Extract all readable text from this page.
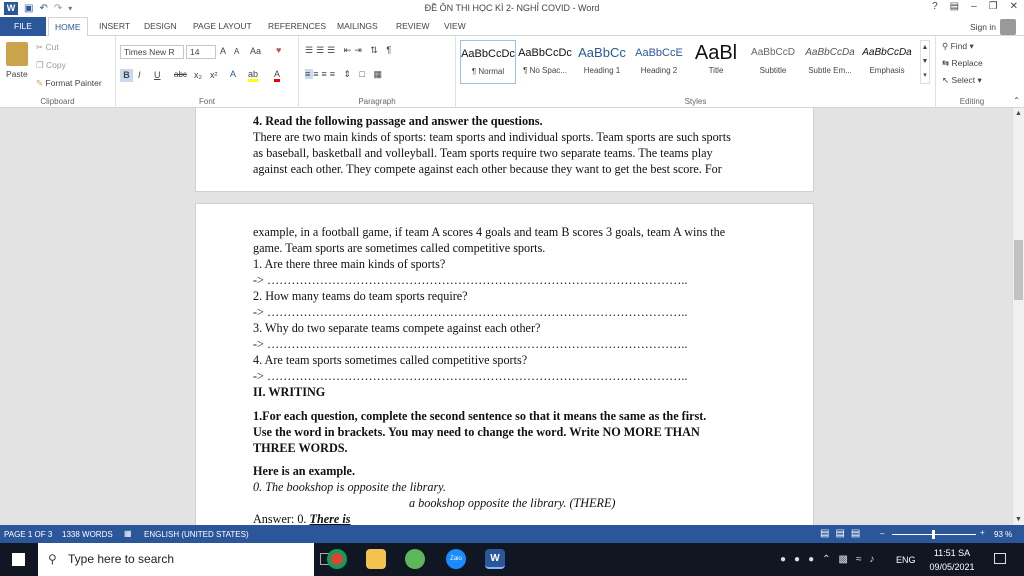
W ▣ ↶ ↷ ▾	ĐỀ ÔN THI HỌC KÌ 2- NGHỈ COVID - Word	? ▤ – ❐ ✕
FILE	HOME	INSERT	DESIGN	PAGE LAYOUT	REFERENCES	MAILINGS	REVIEW	VIEW	Sign in
Paste
✂ Cut
❐ Copy
✎ Format Painter
Clipboard
Times New R	14	A A Aa ♥
B I U abc x₂ x² A ab A
Font
☰☰☰ ⇤⇥ ⇅ ¶
≡≡≡≡ ⇕ □ ▦
Paragraph
AaBbCcDc
¶ Normal
AaBbCcDc
¶ No Spac...
AaBbCc
Heading 1
AaBbCcE
Heading 2
AaBl
Title
AaBbCcD
Subtitle
AaBbCcDa
Subtle Em...
AaBbCcDa
Emphasis
▲
▼
▾
Styles
⚲ Find ▾
⇆ Replace
↖ Select ▾
Editing	⌃
4. Read the following passage and answer the questions.
There are two main kinds of sports: team sports and individual sports. Team sports are such sports
as baseball, basketball and volleyball. Team sports require two separate teams. The teams play
against each other. They compete against each other because they want to get the best score. For
example, in a football game, if team A scores 4 goals and team B scores 3 goals, team A wins the
game. Team sports are sometimes called competitive sports.
1. Are there three main kinds of sports?
-> …………………………………………………………………………………………..
2. How many teams do team sports require?
-> …………………………………………………………………………………………..
3. Why do two separate teams compete against each other?
-> …………………………………………………………………………………………..
4. Are team sports sometimes called competitive sports?
-> …………………………………………………………………………………………..
II. WRITING
1.For each question, complete the second sentence so that it means the same as the first.
Use the word in brackets. You may need to change the word. Write NO MORE THAN
THREE WORDS.
Here is an example.
0. The bookshop is opposite the library.
a bookshop opposite the library. (THERE)
Answer: 0. There is
▲
▼
PAGE 1 OF 3 1338 WORDS ▦ ENGLISH (UNITED STATES)	▤▤▤ –	+ 93 %
⚲ Type here to search	Zalo	W	●●●⌃▩≈♪ ENG
11:51 SA
09/05/2021
